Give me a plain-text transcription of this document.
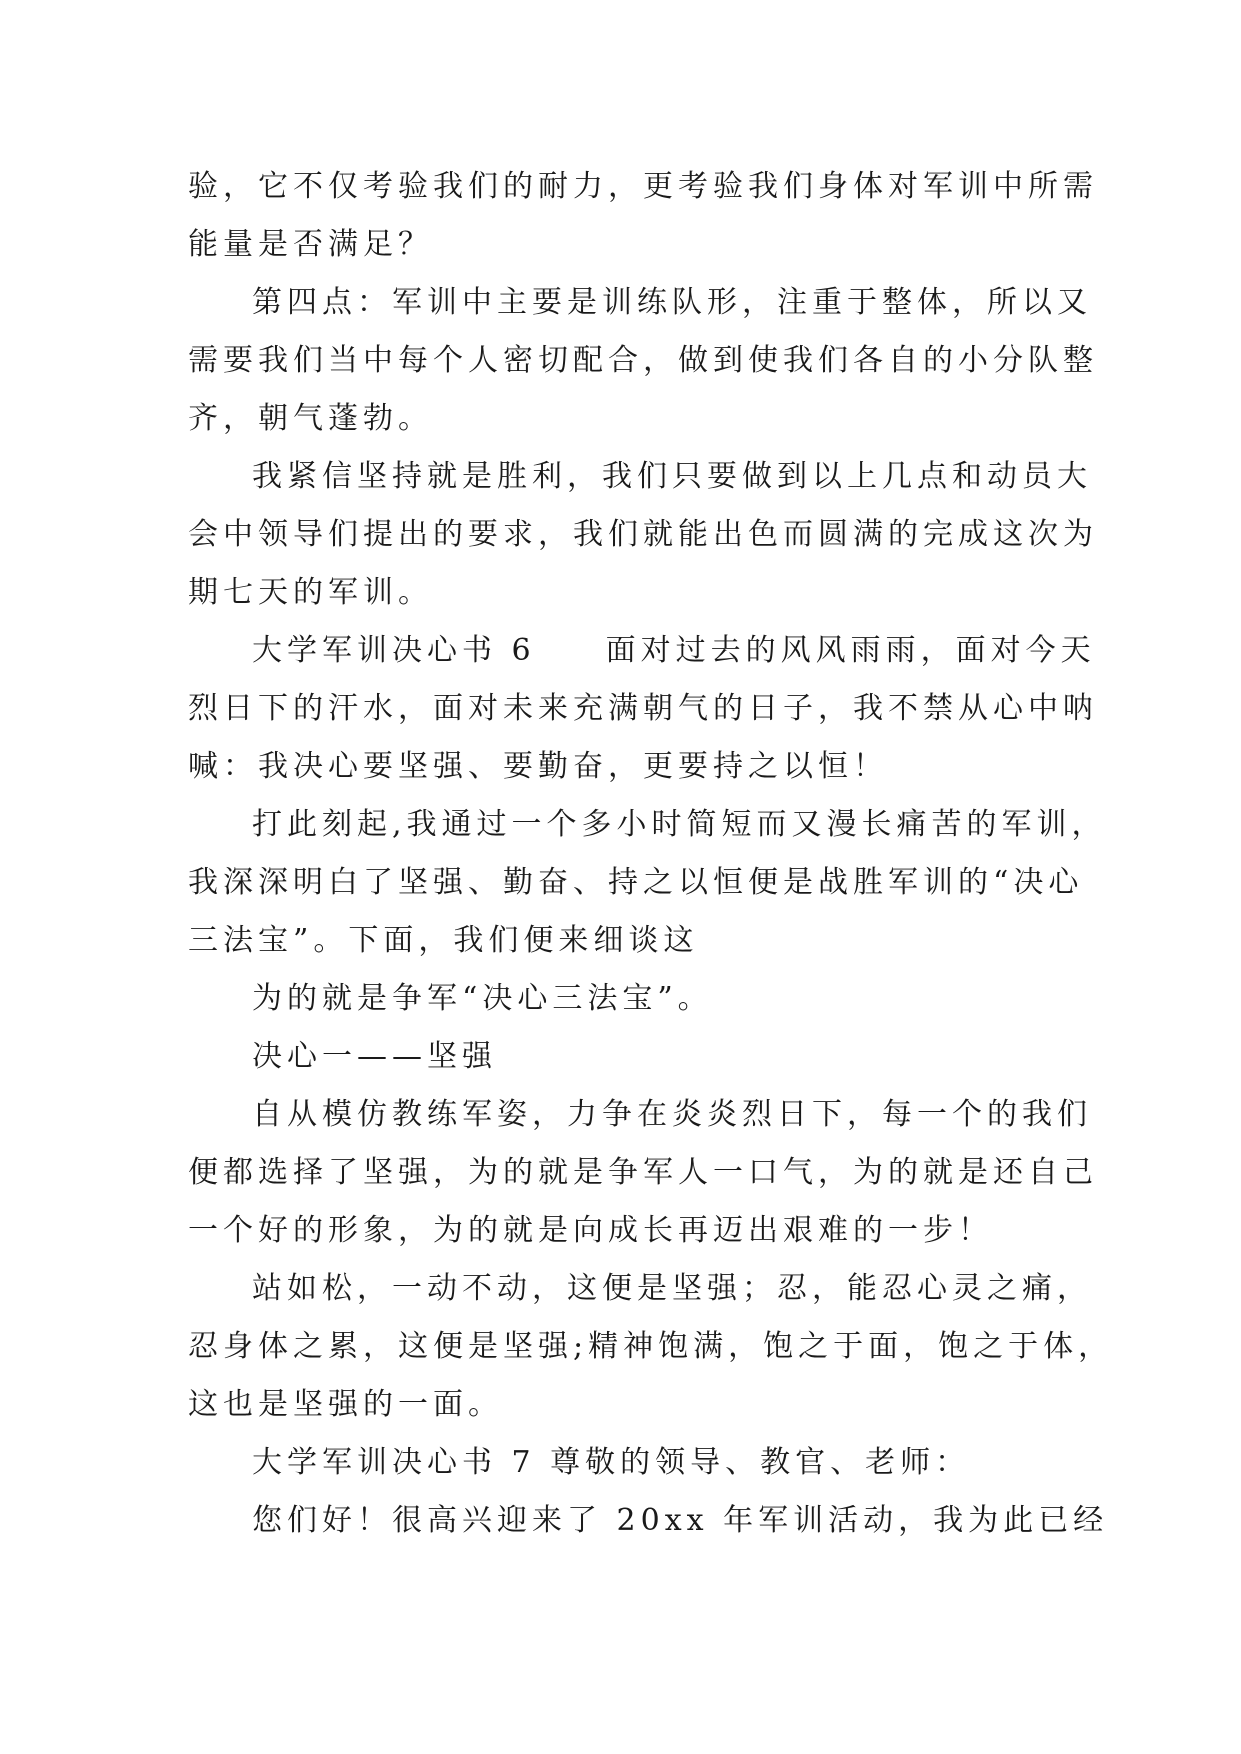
验，它不仅考验我们的耐力，更考验我们身体对军训中所需
能量是否满足？
第四点：军训中主要是训练队形，注重于整体，所以又
需要我们当中每个人密切配合，做到使我们各自的小分队整
齐，朝气蓬勃。
我紧信坚持就是胜利，我们只要做到以上几点和动员大
会中领导们提出的要求，我们就能出色而圆满的完成这次为
期七天的军训。
大学军训决心书 6　　面对过去的风风雨雨，面对今天
烈日下的汗水，面对未来充满朝气的日子，我不禁从心中呐
喊：我决心要坚强、要勤奋，更要持之以恒！
打此刻起,我通过一个多小时简短而又漫长痛苦的军训，
我深深明白了坚强、勤奋、持之以恒便是战胜军训的“决心
三法宝”。下面，我们便来细谈这
为的就是争军“决心三法宝”。
决心一——坚强
自从模仿教练军姿，力争在炎炎烈日下，每一个的我们
便都选择了坚强，为的就是争军人一口气，为的就是还自己
一个好的形象，为的就是向成长再迈出艰难的一步！
站如松，一动不动，这便是坚强；忍，能忍心灵之痛，
忍身体之累，这便是坚强;精神饱满，饱之于面，饱之于体，
这也是坚强的一面。
大学军训决心书 7 尊敬的领导、教官、老师：
您们好！很高兴迎来了 20xx 年军训活动，我为此已经
